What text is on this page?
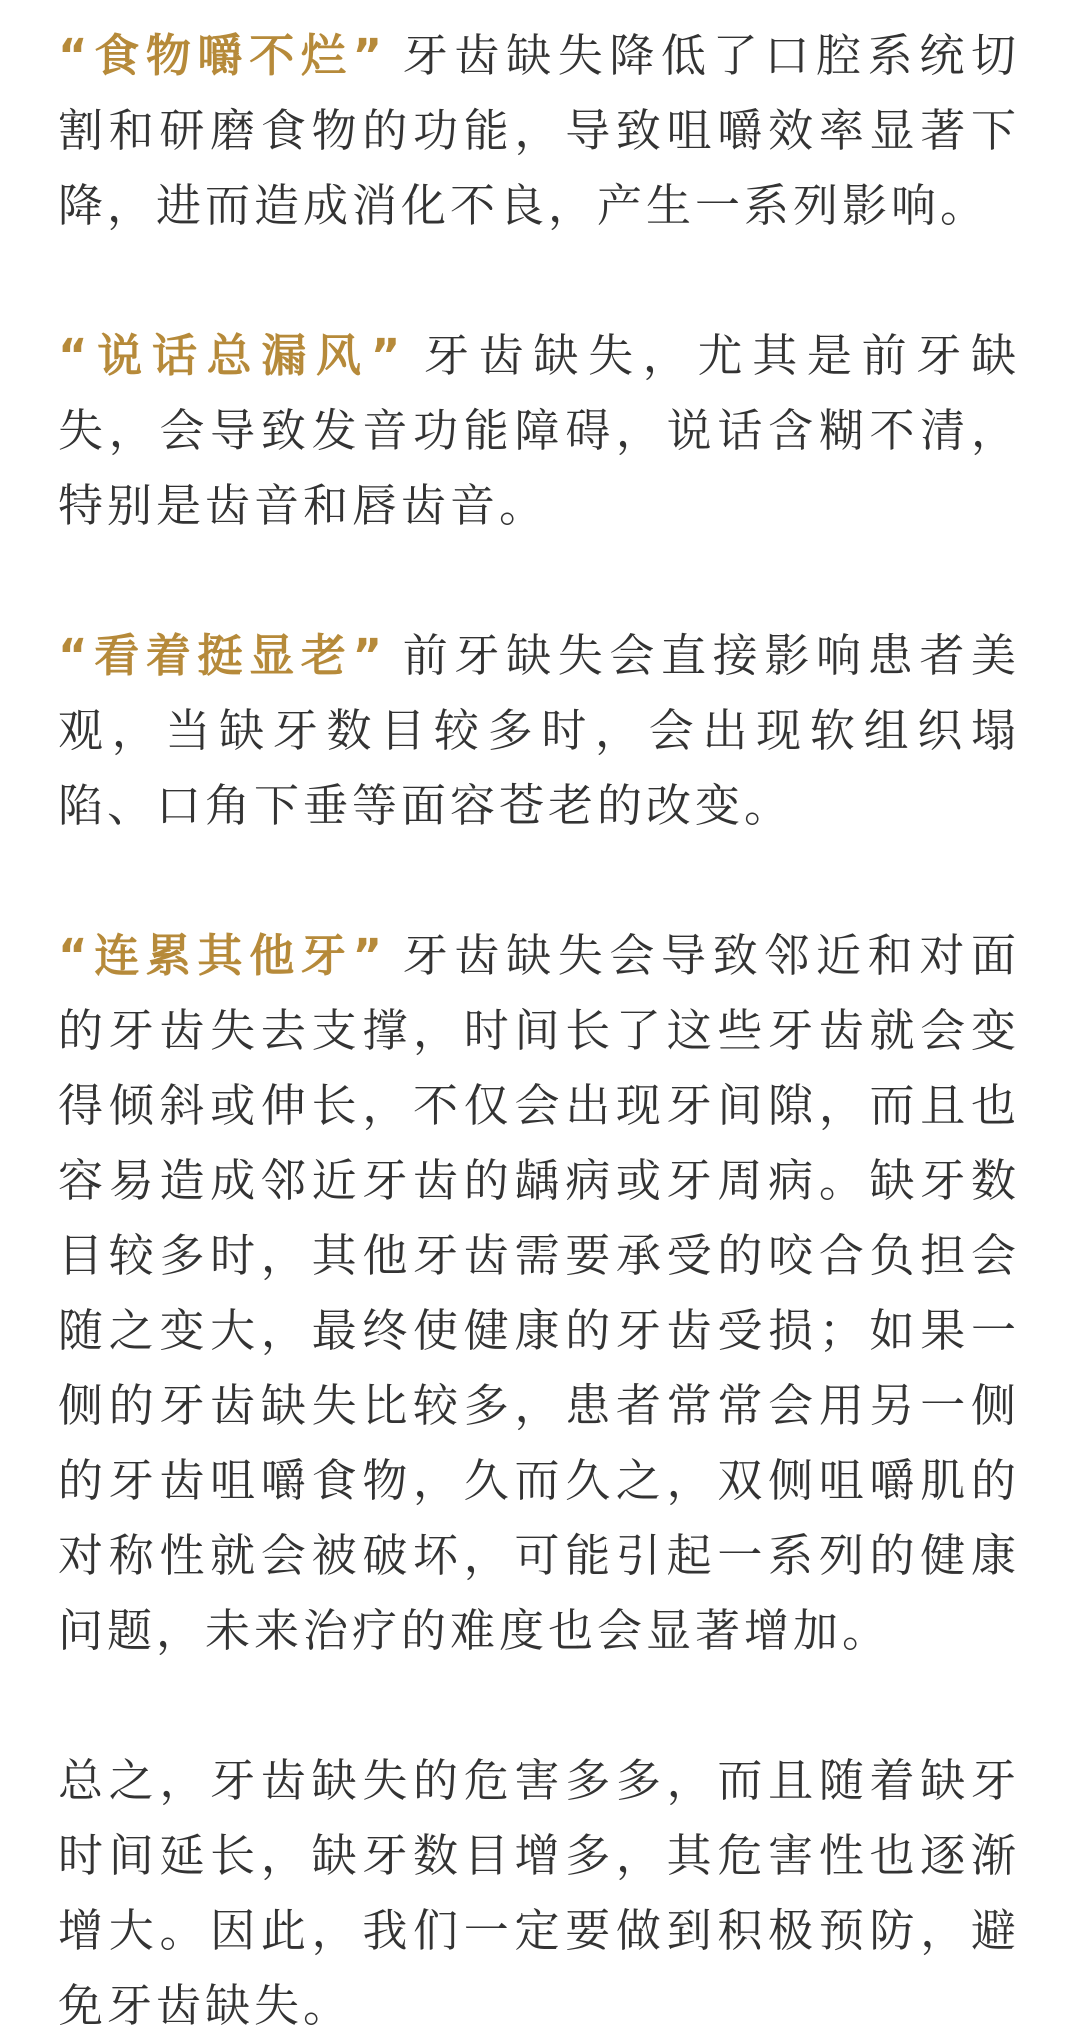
“食物嚼不烂” 牙齿缺失降低了口腔系统切割和研磨食物的功能，导致咀嚼效率显著下降，进而造成消化不良，产生一系列影响。

“说话总漏风” 牙齿缺失，尤其是前牙缺失，会导致发音功能障碍，说话含糊不清，特别是齿音和唇齿音。

“看着挺显老” 前牙缺失会直接影响患者美观，当缺牙数目较多时，会出现软组织塌陷、口角下垂等面容苍老的改变。

“连累其他牙” 牙齿缺失会导致邻近和对面的牙齿失去支撑，时间长了这些牙齿就会变得倾斜或伸长，不仅会出现牙间隙，而且也容易造成邻近牙齿的龋病或牙周病。缺牙数目较多时，其他牙齿需要承受的咬合负担会随之变大，最终使健康的牙齿受损；如果一侧的牙齿缺失比较多，患者常常会用另一侧的牙齿咀嚼食物，久而久之，双侧咀嚼肌的对称性就会被破坏，可能引起一系列的健康问题，未来治疗的难度也会显著增加。

总之，牙齿缺失的危害多多，而且随着缺牙时间延长，缺牙数目增多，其危害性也逐渐增大。因此，我们一定要做到积极预防，避免牙齿缺失。
